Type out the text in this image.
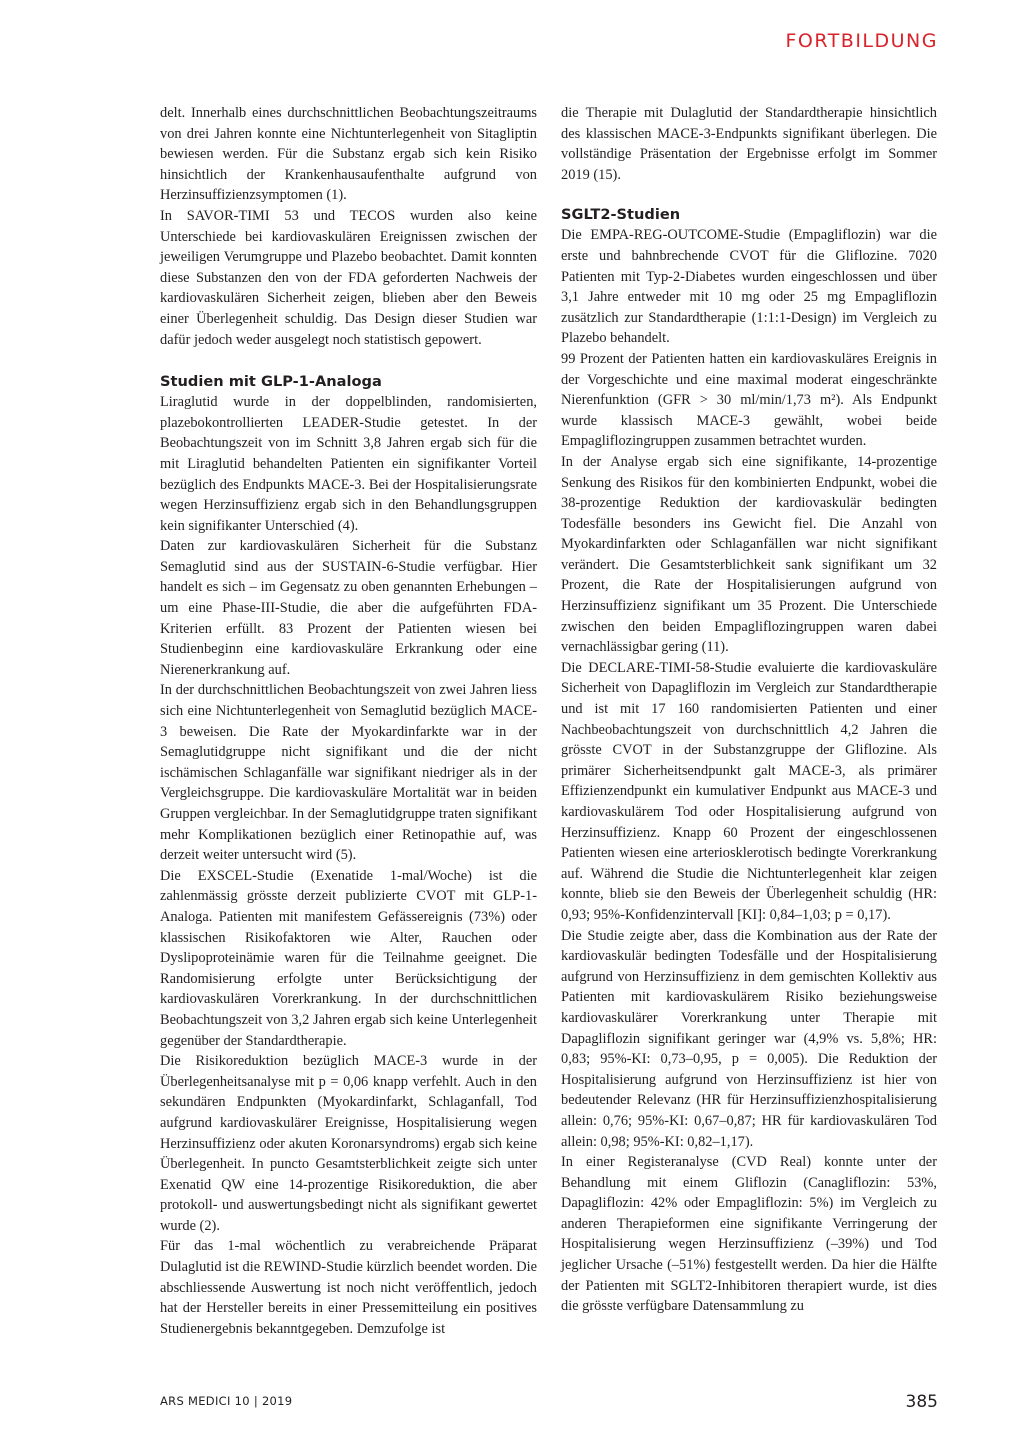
FORTBILDUNG

delt. Innerhalb eines durchschnittlichen Beobachtungszeitraums von drei Jahren konnte eine Nichtunterlegenheit von Sitagliptin bewiesen werden. Für die Substanz ergab sich kein Risiko hinsichtlich der Krankenhausaufenthalte aufgrund von Herzinsuffizienzsymptomen (1).

In SAVOR-TIMI 53 und TECOS wurden also keine Unterschiede bei kardiovaskulären Ereignissen zwischen der jeweiligen Verumgruppe und Plazebo beobachtet. Damit konnten diese Substanzen den von der FDA geforderten Nachweis der kardiovaskulären Sicherheit zeigen, blieben aber den Beweis einer Überlegenheit schuldig. Das Design dieser Studien war dafür jedoch weder ausgelegt noch statistisch gepowert.

Studien mit GLP-1-Analoga

Liraglutid wurde in der doppelblinden, randomisierten, plazebokontrollierten LEADER-Studie getestet. In der Beobachtungszeit von im Schnitt 3,8 Jahren ergab sich für die mit Liraglutid behandelten Patienten ein signifikanter Vorteil bezüglich des Endpunkts MACE-3. Bei der Hospitalisierungsrate wegen Herzinsuffizienz ergab sich in den Behandlungsgruppen kein signifikanter Unterschied (4).

Daten zur kardiovaskulären Sicherheit für die Substanz Semaglutid sind aus der SUSTAIN-6-Studie verfügbar. Hier handelt es sich – im Gegensatz zu oben genannten Erhebungen – um eine Phase-III-Studie, die aber die aufgeführten FDA-Kriterien erfüllt. 83 Prozent der Patienten wiesen bei Studienbeginn eine kardiovaskuläre Erkrankung oder eine Nierenerkrankung auf.

In der durchschnittlichen Beobachtungszeit von zwei Jahren liess sich eine Nichtunterlegenheit von Semaglutid bezüglich MACE-3 beweisen. Die Rate der Myokardinfarkte war in der Semaglutidgruppe nicht signifikant und die der nicht ischämischen Schlaganfälle war signifikant niedriger als in der Vergleichsgruppe. Die kardiovaskuläre Mortalität war in beiden Gruppen vergleichbar. In der Semaglutidgruppe traten signifikant mehr Komplikationen bezüglich einer Retinopathie auf, was derzeit weiter untersucht wird (5).

Die EXSCEL-Studie (Exenatide 1-mal/Woche) ist die zahlenmässig grösste derzeit publizierte CVOT mit GLP-1-Analoga. Patienten mit manifestem Gefässereignis (73%) oder klassischen Risikofaktoren wie Alter, Rauchen oder Dyslipoproteinämie waren für die Teilnahme geeignet. Die Randomisierung erfolgte unter Berücksichtigung der kardiovaskulären Vorerkrankung. In der durchschnittlichen Beobachtungszeit von 3,2 Jahren ergab sich keine Unterlegenheit gegenüber der Standardtherapie.

Die Risikoreduktion bezüglich MACE-3 wurde in der Überlegenheitsanalyse mit p = 0,06 knapp verfehlt. Auch in den sekundären Endpunkten (Myokardinfarkt, Schlaganfall, Tod aufgrund kardiovaskulärer Ereignisse, Hospitalisierung wegen Herzinsuffizienz oder akuten Koronarsyndroms) ergab sich keine Überlegenheit. In puncto Gesamtsterblichkeit zeigte sich unter Exenatid QW eine 14-prozentige Risikoreduktion, die aber protokoll- und auswertungsbedingt nicht als signifikant gewertet wurde (2).

Für das 1-mal wöchentlich zu verabreichende Präparat Dulaglutid ist die REWIND-Studie kürzlich beendet worden. Die abschliessende Auswertung ist noch nicht veröffentlich, jedoch hat der Hersteller bereits in einer Pressemitteilung ein positives Studienergebnis bekanntgegeben. Demzufolge ist

die Therapie mit Dulaglutid der Standardtherapie hinsichtlich des klassischen MACE-3-Endpunkts signifikant überlegen. Die vollständige Präsentation der Ergebnisse erfolgt im Sommer 2019 (15).

SGLT2-Studien

Die EMPA-REG-OUTCOME-Studie (Empagliflozin) war die erste und bahnbrechende CVOT für die Gliflozine. 7020 Patienten mit Typ-2-Diabetes wurden eingeschlossen und über 3,1 Jahre entweder mit 10 mg oder 25 mg Empagliflozin zusätzlich zur Standardtherapie (1:1:1-Design) im Vergleich zu Plazebo behandelt.

99 Prozent der Patienten hatten ein kardiovaskuläres Ereignis in der Vorgeschichte und eine maximal moderat eingeschränkte Nierenfunktion (GFR > 30 ml/min/1,73 m²). Als Endpunkt wurde klassisch MACE-3 gewählt, wobei beide Empagliflozingruppen zusammen betrachtet wurden.

In der Analyse ergab sich eine signifikante, 14-prozentige Senkung des Risikos für den kombinierten Endpunkt, wobei die 38-prozentige Reduktion der kardiovaskulär bedingten Todesfälle besonders ins Gewicht fiel. Die Anzahl von Myokardinfarkten oder Schlaganfällen war nicht signifikant verändert. Die Gesamtsterblichkeit sank signifikant um 32 Prozent, die Rate der Hospitalisierungen aufgrund von Herzinsuffizienz signifikant um 35 Prozent. Die Unterschiede zwischen den beiden Empagliflozingruppen waren dabei vernachlässigbar gering (11).

Die DECLARE-TIMI-58-Studie evaluierte die kardiovaskuläre Sicherheit von Dapagliflozin im Vergleich zur Standardtherapie und ist mit 17 160 randomisierten Patienten und einer Nachbeobachtungszeit von durchschnittlich 4,2 Jahren die grösste CVOT in der Substanzgruppe der Gliflozine. Als primärer Sicherheitsendpunkt galt MACE-3, als primärer Effizienzendpunkt ein kumulativer Endpunkt aus MACE-3 und kardiovaskulärem Tod oder Hospitalisierung aufgrund von Herzinsuffizienz. Knapp 60 Prozent der eingeschlossenen Patienten wiesen eine arteriosklerotisch bedingte Vorerkrankung auf. Während die Studie die Nichtunterlegenheit klar zeigen konnte, blieb sie den Beweis der Überlegenheit schuldig (HR: 0,93; 95%-Konfidenzintervall [KI]: 0,84–1,03; p = 0,17).

Die Studie zeigte aber, dass die Kombination aus der Rate der kardiovaskulär bedingten Todesfälle und der Hospitalisierung aufgrund von Herzinsuffizienz in dem gemischten Kollektiv aus Patienten mit kardiovaskulärem Risiko beziehungsweise kardiovaskulärer Vorerkrankung unter Therapie mit Dapagliflozin signifikant geringer war (4,9% vs. 5,8%; HR: 0,83; 95%-KI: 0,73–0,95, p = 0,005). Die Reduktion der Hospitalisierung aufgrund von Herzinsuffizienz ist hier von bedeutender Relevanz (HR für Herzinsuffizienzhospitalisierung allein: 0,76; 95%-KI: 0,67–0,87; HR für kardiovaskulären Tod allein: 0,98; 95%-KI: 0,82–1,17).

In einer Registeranalyse (CVD Real) konnte unter der Behandlung mit einem Gliflozin (Canagliflozin: 53%, Dapagliflozin: 42% oder Empagliflozin: 5%) im Vergleich zu anderen Therapieformen eine signifikante Verringerung der Hospitalisierung wegen Herzinsuffizienz (–39%) und Tod jeglicher Ursache (–51%) festgestellt werden. Da hier die Hälfte der Patienten mit SGLT2-Inhibitoren therapiert wurde, ist dies die grösste verfügbare Datensammlung zu

ARS MEDICI 10 | 2019	385
